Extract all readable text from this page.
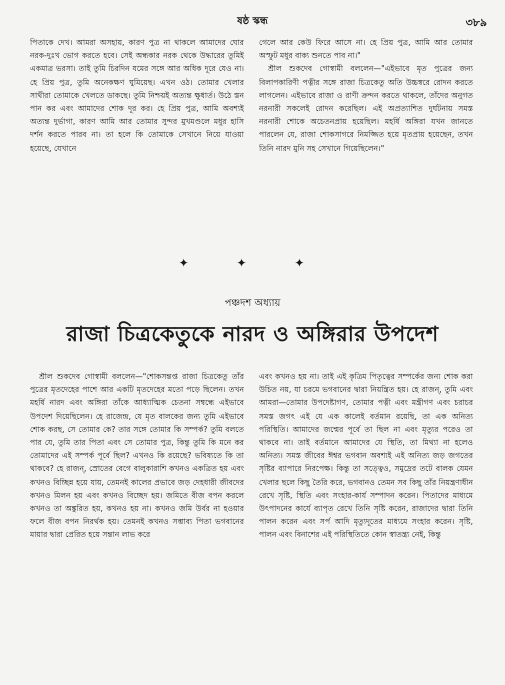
ষষ্ঠ স্কন্ধ	৩৮৯

পিতাকে দেখ। আমরা অসহায়, কারণ পুত্র না থাকলে আমাদের ঘোর নরক-দুঃখ ভোগ করতে হবে। সেই অন্ধকার নরক থেকে উদ্ধারের তুমিই একমাত্র ভরসা। তাই তুমি চিরদিন যমের সঙ্গে আর অধিক দূরে যেও না। হে প্রিয় পুত্র, তুমি অনেকক্ষণ ঘুমিয়েছ। এখন ওঠ। তোমার খেলার সাথীরা তোমাকে খেলতে ডাকছে। তুমি নিশ্চয়ই অত্যন্ত ক্ষুধার্ত। উঠে স্তন পান কর এবং আমাদের শোক দূর কর। হে প্রিয় পুত্র, আমি অবশ্যই অত্যন্ত দুর্ভাগা, কারণ আমি আর তোমার সুন্দর মুখমণ্ডলে মধুর হাসি দর্শন করতে পারব না। তা হলে কি তোমাকে সেখানে নিয়ে যাওয়া হয়েছে, যেখানে

গেলে আর কেউ ফিরে আসে না। হে প্রিয় পুত্র, আমি আর তোমার অস্ফুট মধুর বাক্য শুনতে পাব না।"

শ্রীল শুকদেব গোস্বামী বললেন—"এইভাবে মৃত পুত্রের জন্য বিলাপকারিণী পত্নীর সঙ্গে রাজা চিত্রকেতু অতি উচ্চস্বরে রোদন করতে লাগলেন। এইভাবে রাজা ও রাণী ক্রন্দন করতে থাকলে, তাঁদের অনুগত নরনারী সকলেই রোদন করেছিল। এই অপ্রত্যাশিত দুর্ঘটনায় সমস্ত নরনারী শোকে অচেতনপ্রায় হয়েছিল। মহর্ষি অঙ্গিরা যখন জানতে পারলেন যে, রাজা শোকসাগরে নিমজ্জিত হয়ে মৃতপ্রায় হয়েছেন, তখন তিনি নারদ মুনি সহ সেখানে গিয়েছিলেন।"

✦ ✦ ✦
পঞ্চদশ অধ্যায়
রাজা চিত্রকেতুকে নারদ ও অঙ্গিরার উপদেশ

শ্রীল শুকদেব গোস্বামী বললেন—"শোকসন্তপ্ত রাজা চিত্রকেতু তাঁর পুত্রের মৃতদেহের পাশে আর একটি মৃতদেহের মতো পড়ে ছিলেন। তখন মহর্ষি নারদ এবং অঙ্গিরা তাঁকে আধ্যাত্মিক চেতনা সম্বন্ধে এইভাবে উপদেশ দিয়েছিলেন। হে রাজেন্দ্র, যে মৃত বালকের জন্য তুমি এইভাবে শোক করছ, সে তোমার কে? তার সঙ্গে তোমার কি সম্পর্ক? তুমি বলতে পার যে, তুমি তার পিতা এবং সে তোমার পুত্র, কিন্তু তুমি কি মনে কর তোমাদের এই সম্পর্ক পূর্বে ছিল? এখনও কি রয়েছে? ভবিষ্যতে কি তা থাকবে? হে রাজন্, স্রোতের বেগে বালুকারাশি কখনও একত্রিত হয় এবং কখনও বিচ্ছিন্ন হয়ে যায়, তেমনই কালের প্রভাবে জড় দেহধারী জীবদের কখনও মিলন হয় এবং কখনও বিচ্ছেদ হয়। জমিতে বীজ বপন করলে কখনও তা অঙ্কুরিত হয়, কখনও হয় না। কখনও জমি উর্বর না হওয়ার ফলে বীজ বপন নিরর্থক হয়। তেমনই কখনও সম্ভাব্য পিতা ভগবানের মায়ার দ্বারা প্রেরিত হয়ে সন্তান লাভ করে

এবং কখনও হয় না। তাই এই কৃত্রিম পিতৃত্বের সম্পর্কের জন্য শোক করা উচিত নয়, যা চরমে ভগবানের দ্বারা নিয়ন্ত্রিত হয়। হে রাজন্, তুমি এবং আমরা—তোমার উপদেষ্টাগণ, তোমার পত্নী এবং মন্ত্রীগণ এবং চরাচর সমস্ত জগৎ এই যে এক কালেই বর্তমান রয়েছি, তা এক অনিত্য পরিস্থিতি। আমাদের জন্মের পূর্বে তা ছিল না এবং মৃত্যুর পরেও তা থাকবে না। তাই বর্তমানে আমাদের যে স্থিতি, তা মিথ্যা না হলেও অনিত্য। সমস্ত জীবের ঈশ্বর ভগবান অবশ্যই এই অনিত্য জড় জগতের সৃষ্টির ব্যাপারে নিরপেক্ষ। কিন্তু তা সত্ত্বেও, সমুদ্রের তটে বালক যেমন খেলার ছলে কিছু তৈরি করে, ভগবানও তেমন সব কিছু তাঁর নিয়ন্ত্রণাধীন রেখে সৃষ্টি, স্থিতি এবং সংহার-কার্য সম্পাদন করেন। পিতাদের মাধ্যমে উৎপাদনের কার্যে ব্যাপৃত রেখে তিনি সৃষ্টি করেন, রাজাদের দ্বারা তিনি পালন করেন এবং সর্প আদি মৃত্যুদূতের মাধ্যমে সংহার করেন। সৃষ্টি, পালন এবং বিনাশের এই পরিস্থিতিতে কোন স্বাতন্ত্র্য নেই, কিন্তু
